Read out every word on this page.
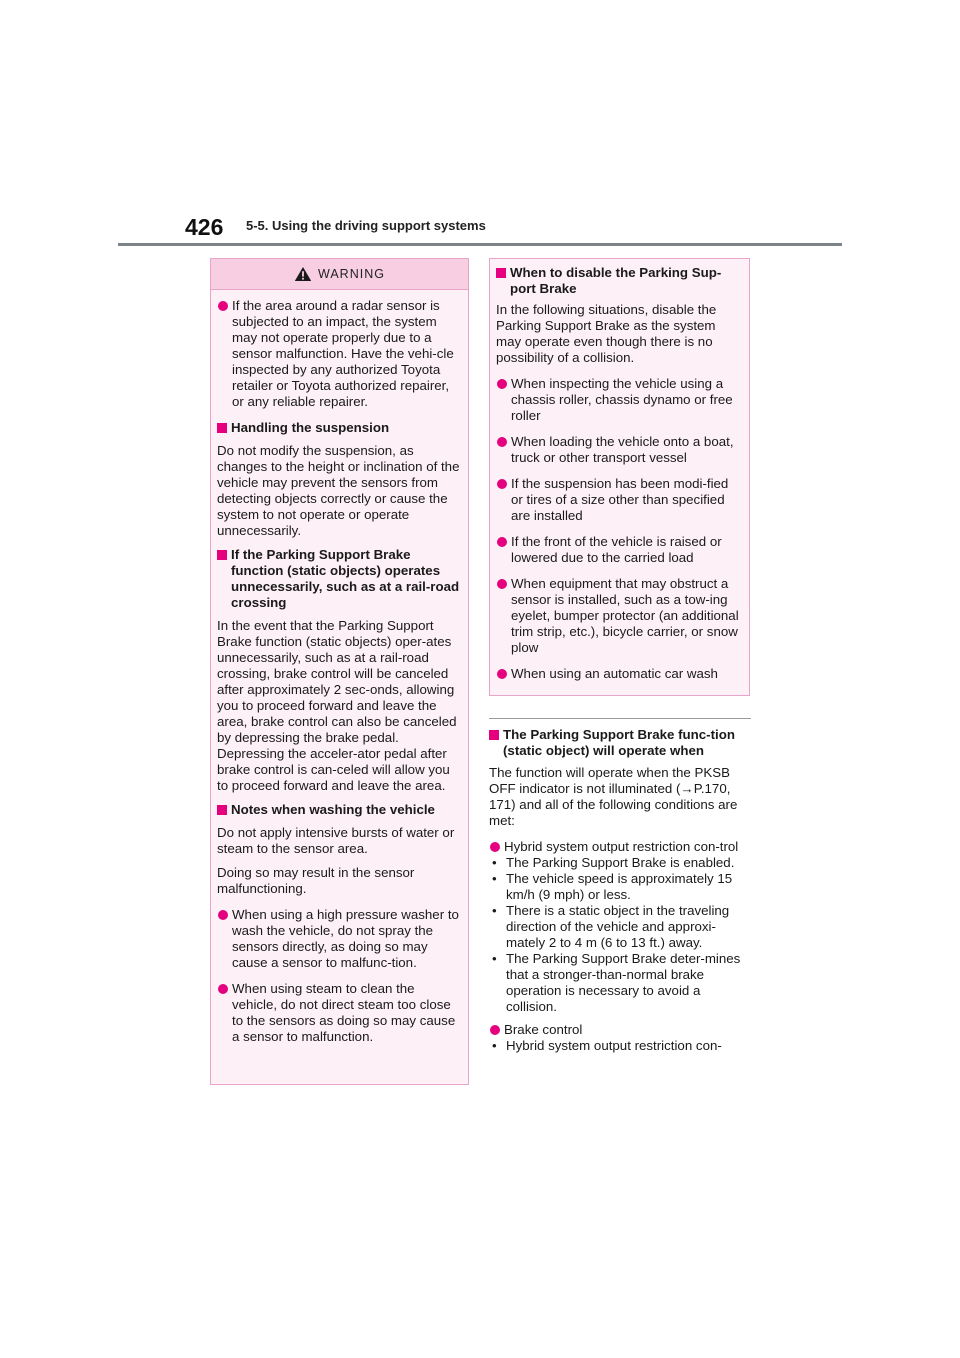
426 5-5. Using the driving support systems
WARNING

If the area around a radar sensor is subjected to an impact, the system may not operate properly due to a sensor malfunction. Have the vehi-cle inspected by any authorized Toyota retailer or Toyota authorized repairer, or any reliable repairer.

Handling the suspension

Do not modify the suspension, as changes to the height or inclination of the vehicle may prevent the sensors from detecting objects correctly or cause the system to not operate or operate unnecessarily.

If the Parking Support Brake function (static objects) operates unnecessarily, such as at a rail-road crossing

In the event that the Parking Support Brake function (static objects) oper-ates unnecessarily, such as at a rail-road crossing, brake control will be canceled after approximately 2 sec-onds, allowing you to proceed forward and leave the area, brake control can also be canceled by depressing the brake pedal. Depressing the acceler-ator pedal after brake control is can-celed will allow you to proceed forward and leave the area.

Notes when washing the vehicle

Do not apply intensive bursts of water or steam to the sensor area.

Doing so may result in the sensor malfunctioning.

When using a high pressure washer to wash the vehicle, do not spray the sensors directly, as doing so may cause a sensor to malfunc-tion.

When using steam to clean the vehicle, do not direct steam too close to the sensors as doing so may cause a sensor to malfunction.

When to disable the Parking Sup-port Brake

In the following situations, disable the Parking Support Brake as the system may operate even though there is no possibility of a collision.

When inspecting the vehicle using a chassis roller, chassis dynamo or free roller

When loading the vehicle onto a boat, truck or other transport vessel

If the suspension has been modi-fied or tires of a size other than specified are installed

If the front of the vehicle is raised or lowered due to the carried load

When equipment that may obstruct a sensor is installed, such as a tow-ing eyelet, bumper protector (an additional trim strip, etc.), bicycle carrier, or snow plow

When using an automatic car wash

The Parking Support Brake func-tion (static object) will operate when

The function will operate when the PKSB OFF indicator is not illuminated (→P.170, 171) and all of the following conditions are met:

Hybrid system output restriction con-trol

• The Parking Support Brake is enabled.
• The vehicle speed is approximately 15 km/h (9 mph) or less.
• There is a static object in the traveling direction of the vehicle and approxi-mately 2 to 4 m (6 to 13 ft.) away.
• The Parking Support Brake deter-mines that a stronger-than-normal brake operation is necessary to avoid a collision.

Brake control

• Hybrid system output restriction con-
